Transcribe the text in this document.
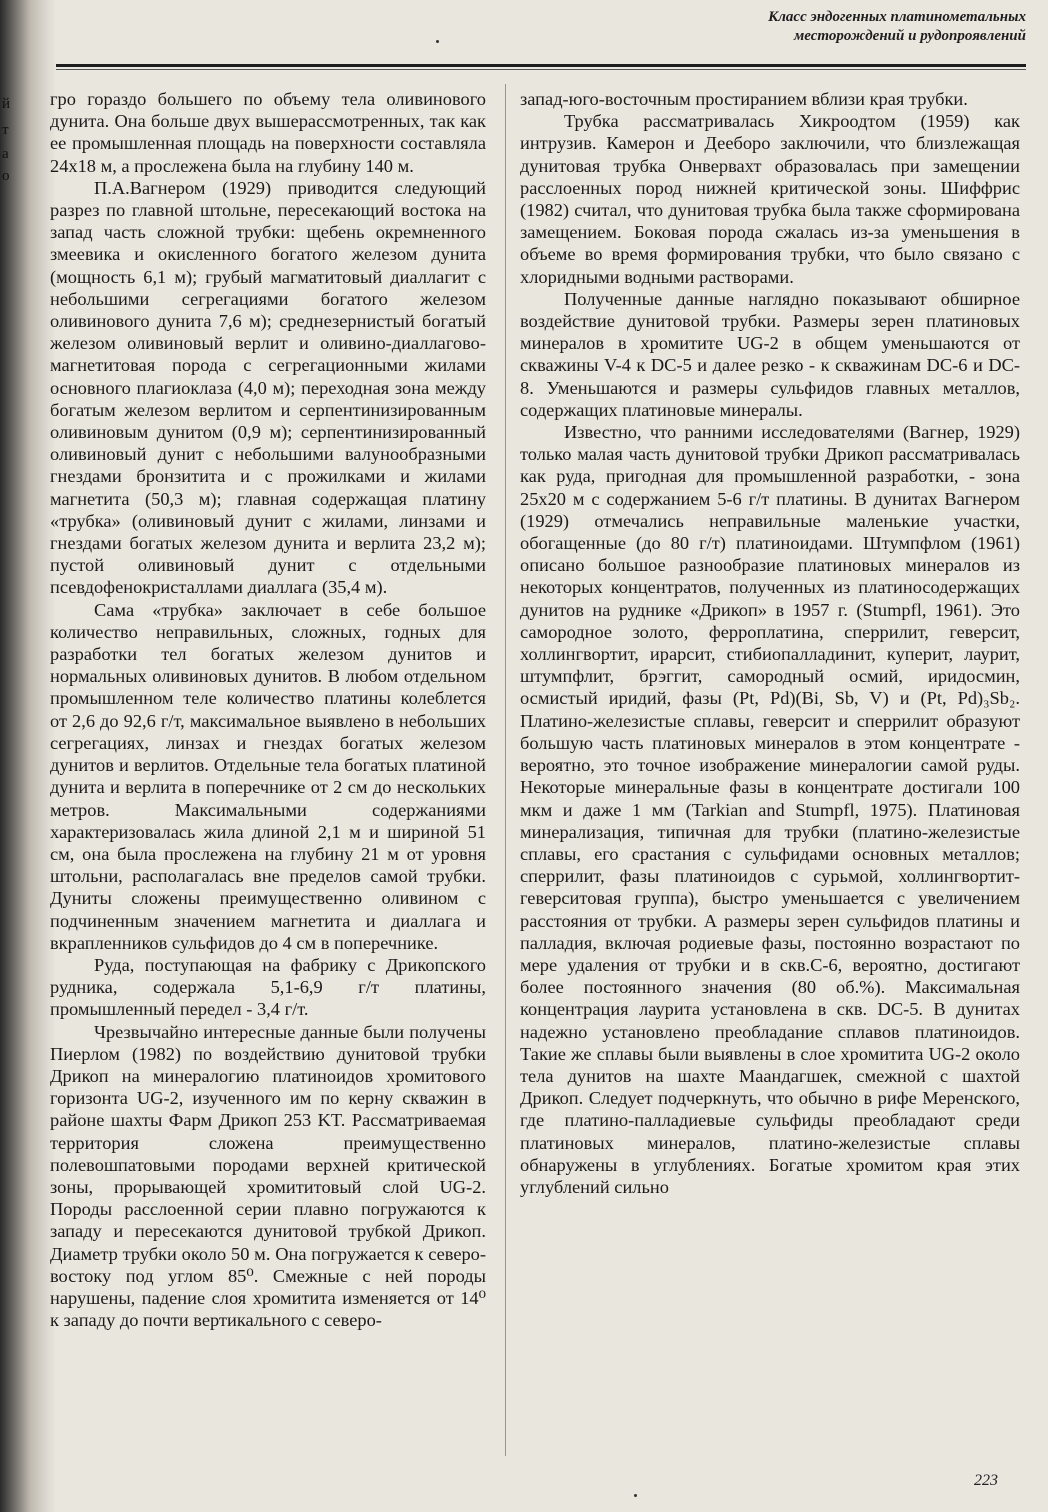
й
т
а
о
Класс эндогенных платинометальных
месторождений и рудопроявлений

гро гораздо большего по объему тела оливинового дунита. Она больше двух вышерассмотренных, так как ее промышленная площадь на поверхности составляла 24х18 м, а прослежена была на глубину 140 м.

П.А.Вагнером (1929) приводится следующий разрез по главной штольне, пересекающий востока на запад часть сложной трубки: щебень окремненного змеевика и окисленного богатого железом дунита (мощность 6,1 м); грубый магматитовый диаллагит с небольшими сегрегациями богатого железом оливинового дунита 7,6 м); среднезернистый богатый железом оливиновый верлит и оливино-диаллагово-магнетитовая порода с сегрегационными жилами основного плагиоклаза (4,0 м); переходная зона между богатым железом верлитом и серпентинизированным оливиновым дунитом (0,9 м); серпентинизированный оливиновый дунит с небольшими валунообразными гнездами бронзитита и с прожилками и жилами магнетита (50,3 м); главная содержащая платину «трубка» (оливиновый дунит с жилами, линзами и гнездами богатых железом дунита и верлита 23,2 м); пустой оливиновый дунит с отдельными псевдофенокристаллами диаллага (35,4 м).

Сама «трубка» заключает в себе большое количество неправильных, сложных, годных для разработки тел богатых железом дунитов и нормальных оливиновых дунитов. В любом отдельном промышленном теле количество платины колеблется от 2,6 до 92,6 г/т, максимальное выявлено в небольших сегрегациях, линзах и гнездах богатых железом дунитов и верлитов. Отдельные тела богатых платиной дунита и верлита в поперечнике от 2 см до нескольких метров. Максимальными содержаниями характеризовалась жила длиной 2,1 м и шириной 51 см, она была прослежена на глубину 21 м от уровня штольни, располагалась вне пределов самой трубки. Дуниты сложены преимущественно оливином с подчиненным значением магнетита и диаллага и вкрапленников сульфидов до 4 см в поперечнике.

Руда, поступающая на фабрику с Дрикопского рудника, содержала 5,1-6,9 г/т платины, промышленный передел - 3,4 г/т.

Чрезвычайно интересные данные были получены Пиерлом (1982) по воздействию дунитовой трубки Дрикоп на минералогию платиноидов хромитового горизонта UG-2, изученного им по керну скважин в районе шахты Фарм Дрикоп 253 KT. Рассматриваемая территория сложена преимущественно полевошпатовыми породами верхней критической зоны, прорывающей хромититовый слой UG-2. Породы расслоенной серии плавно погружаются к западу и пересекаются дунитовой трубкой Дрикоп. Диаметр трубки около 50 м. Она погружается к северо-востоку под углом 85⁰. Смежные с ней породы нарушены, падение слоя хромитита изменяется от 14⁰ к западу до почти вертикального с северо-

запад-юго-восточным простиранием вблизи края трубки.

Трубка рассматривалась Хикроодтом (1959) как интрузив. Камерон и Дееборо заключили, что близлежащая дунитовая трубка Онвервахт образовалась при замещении расслоенных пород нижней критической зоны. Шиффрис (1982) считал, что дунитовая трубка была также сформирована замещением. Боковая порода сжалась из-за уменьшения в объеме во время формирования трубки, что было связано с хлоридными водными растворами.

Полученные данные наглядно показывают обширное воздействие дунитовой трубки. Размеры зерен платиновых минералов в хромитите UG-2 в общем уменьшаются от скважины V-4 к DC-5 и далее резко - к скважинам DC-6 и DC-8. Уменьшаются и размеры сульфидов главных металлов, содержащих платиновые минералы.

Известно, что ранними исследователями (Вагнер, 1929) только малая часть дунитовой трубки Дрикоп рассматривалась как руда, пригодная для промышленной разработки, - зона 25х20 м с содержанием 5-6 г/т платины. В дунитах Вагнером (1929) отмечались неправильные маленькие участки, обогащенные (до 80 г/т) платиноидами. Штумпфлом (1961) описано большое разнообразие платиновых минералов из некоторых концентратов, полученных из платиносодержащих дунитов на руднике «Дрикоп» в 1957 г. (Stumpfl, 1961). Это самородное золото, ферроплатина, сперрилит, геверсит, холлингвортит, ирарсит, стибиопалладинит, куперит, лаурит, штумпфлит, брэггит, самородный осмий, иридосмин, осмистый иридий, фазы (Pt, Pd)(Bi, Sb, V) и (Pt, Pd)₃Sb₂. Платино-железистые сплавы, геверсит и сперрилит образуют большую часть платиновых минералов в этом концентрате - вероятно, это точное изображение минералогии самой руды. Некоторые минеральные фазы в концентрате достигали 100 мкм и даже 1 мм (Tarkian and Stumpfl, 1975). Платиновая минерализация, типичная для трубки (платино-железистые сплавы, его срастания с сульфидами основных металлов; сперрилит, фазы платиноидов с сурьмой, холлингвортит-геверситовая группа), быстро уменьшается с увеличением расстояния от трубки. А размеры зерен сульфидов платины и палладия, включая родиевые фазы, постоянно возрастают по мере удаления от трубки и в скв.С-6, вероятно, достигают более постоянного значения (80 об.%). Максимальная концентрация лаурита установлена в скв. DC-5. В дунитах надежно установлено преобладание сплавов платиноидов. Такие же сплавы были выявлены в слое хромитита UG-2 около тела дунитов на шахте Маандагшек, смежной с шахтой Дрикоп. Следует подчеркнуть, что обычно в рифе Меренского, где платино-палладиевые сульфиды преобладают среди платиновых минералов, платино-железистые сплавы обнаружены в углублениях. Богатые хромитом края этих углублений сильно

223
